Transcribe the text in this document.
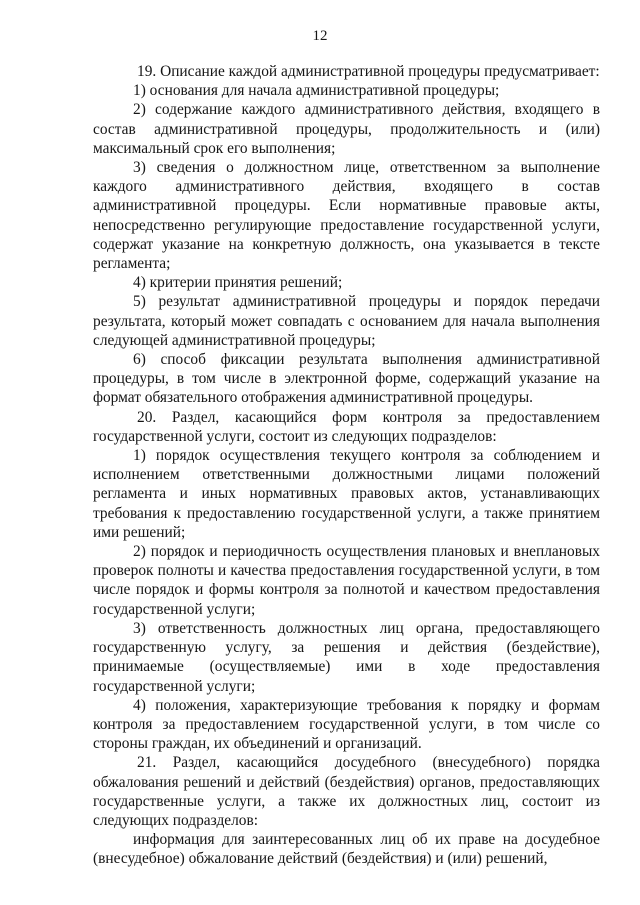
12

19. Описание каждой административной процедуры предусматривает:

1) основания для начала административной процедуры;

2) содержание каждого административного действия, входящего в состав административной процедуры, продолжительность и (или) максимальный срок его выполнения;

3) сведения о должностном лице, ответственном за выполнение каждого административного действия, входящего в состав административной процедуры. Если нормативные правовые акты, непосредственно регулирующие предоставление государственной услуги, содержат указание на конкретную должность, она указывается в тексте регламента;

4) критерии принятия решений;

5) результат административной процедуры и порядок передачи результата, который может совпадать с основанием для начала выполнения следующей административной процедуры;

6) способ фиксации результата выполнения административной процедуры, в том числе в электронной форме, содержащий указание на формат обязательного отображения административной процедуры.

20. Раздел, касающийся форм контроля за предоставлением государственной услуги, состоит из следующих подразделов:

1) порядок осуществления текущего контроля за соблюдением и исполнением ответственными должностными лицами положений регламента и иных нормативных правовых актов, устанавливающих требования к предоставлению государственной услуги, а также принятием ими решений;

2) порядок и периодичность осуществления плановых и внеплановых проверок полноты и качества предоставления государственной услуги, в том числе порядок и формы контроля за полнотой и качеством предоставления государственной услуги;

3) ответственность должностных лиц органа, предоставляющего государственную услугу, за решения и действия (бездействие), принимаемые (осуществляемые) ими в ходе предоставления государственной услуги;

4) положения, характеризующие требования к порядку и формам контроля за предоставлением государственной услуги, в том числе со стороны граждан, их объединений и организаций.

21. Раздел, касающийся досудебного (внесудебного) порядка обжалования решений и действий (бездействия) органов, предоставляющих государственные услуги, а также их должностных лиц, состоит из следующих подразделов:

информация для заинтересованных лиц об их праве на досудебное (внесудебное) обжалование действий (бездействия) и (или) решений,
